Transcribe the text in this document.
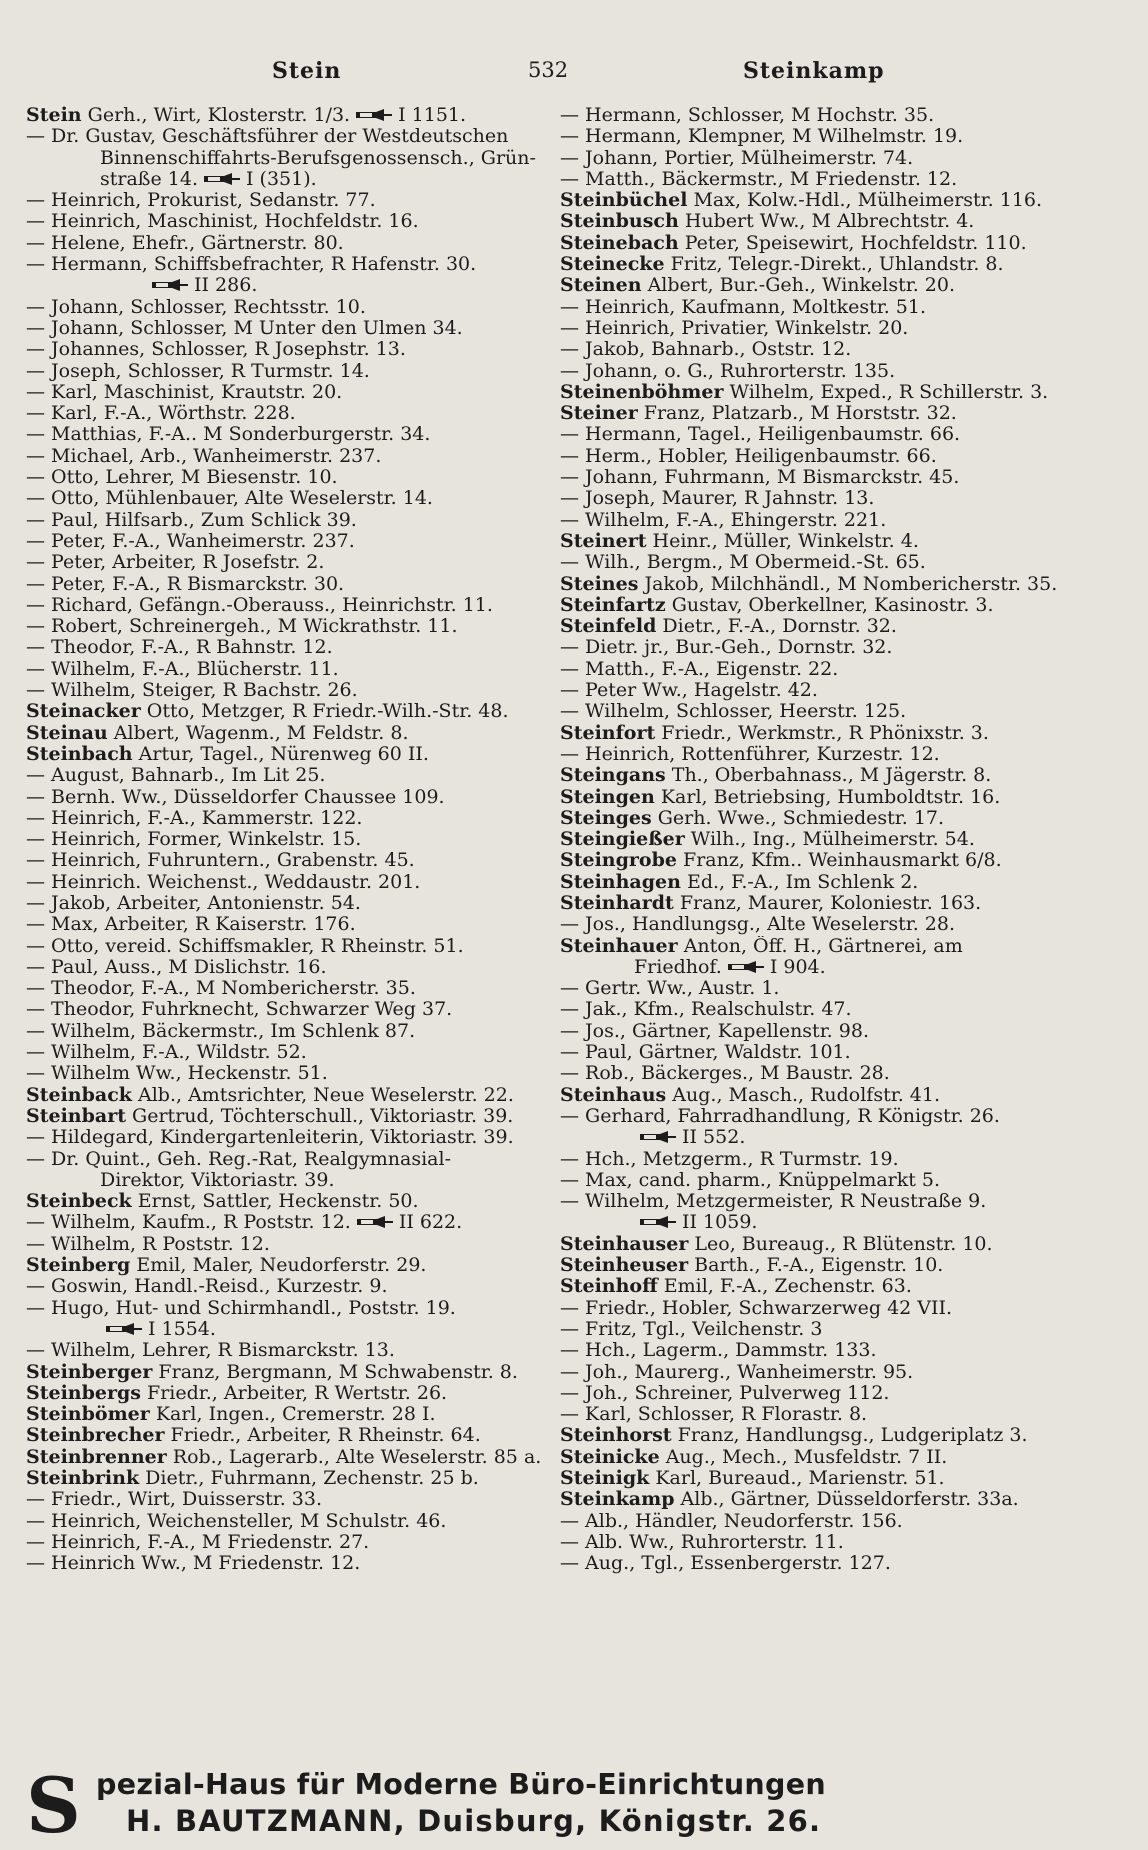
Stein	532	Steinkamp
Stein Gerh., Wirt, Klosterstr. 1/3.	I 1151.
— Dr. Gustav, Geschäftsführer der Westdeutschen
Binnenschiffahrts-Berufsgenossensch., Grün-
straße 14.	I (351).
— Heinrich, Prokurist, Sedanstr. 77.
— Heinrich, Maschinist, Hochfeldstr. 16.
— Helene, Ehefr., Gärtnerstr. 80.
— Hermann, Schiffsbefrachter, R Hafenstr. 30.
II 286.
— Johann, Schlosser, Rechtsstr. 10.
— Johann, Schlosser, M Unter den Ulmen 34.
— Johannes, Schlosser, R Josephstr. 13.
— Joseph, Schlosser, R Turmstr. 14.
— Karl, Maschinist, Krautstr. 20.
— Karl, F.-A., Wörthstr. 228.
— Matthias, F.-A.. M Sonderburgerstr. 34.
— Michael, Arb., Wanheimerstr. 237.
— Otto, Lehrer, M Biesenstr. 10.
— Otto, Mühlenbauer, Alte Weselerstr. 14.
— Paul, Hilfsarb., Zum Schlick 39.
— Peter, F.-A., Wanheimerstr. 237.
— Peter, Arbeiter, R Josefstr. 2.
— Peter, F.-A., R Bismarckstr. 30.
— Richard, Gefängn.-Oberauss., Heinrichstr. 11.
— Robert, Schreinergeh., M Wickrathstr. 11.
— Theodor, F.-A., R Bahnstr. 12.
— Wilhelm, F.-A., Blücherstr. 11.
— Wilhelm, Steiger, R Bachstr. 26.
Steinacker Otto, Metzger, R Friedr.-Wilh.-Str. 48.
Steinau Albert, Wagenm., M Feldstr. 8.
Steinbach Artur, Tagel., Nürenweg 60 II.
— August, Bahnarb., Im Lit 25.
— Bernh. Ww., Düsseldorfer Chaussee 109.
— Heinrich, F.-A., Kammerstr. 122.
— Heinrich, Former, Winkelstr. 15.
— Heinrich, Fuhruntern., Grabenstr. 45.
— Heinrich. Weichenst., Weddaustr. 201.
— Jakob, Arbeiter, Antonienstr. 54.
— Max, Arbeiter, R Kaiserstr. 176.
— Otto, vereid. Schiffsmakler, R Rheinstr. 51.
— Paul, Auss., M Dislichstr. 16.
— Theodor, F.-A., M Nombericherstr. 35.
— Theodor, Fuhrknecht, Schwarzer Weg 37.
— Wilhelm, Bäckermstr., Im Schlenk 87.
— Wilhelm, F.-A., Wildstr. 52.
— Wilhelm Ww., Heckenstr. 51.
Steinback Alb., Amtsrichter, Neue Weselerstr. 22.
Steinbart Gertrud, Töchterschull., Viktoriastr. 39.
— Hildegard, Kindergartenleiterin, Viktoriastr. 39.
— Dr. Quint., Geh. Reg.-Rat, Realgymnasial-
Direktor, Viktoriastr. 39.
Steinbeck Ernst, Sattler, Heckenstr. 50.
— Wilhelm, Kaufm., R Poststr. 12.	II 622.
— Wilhelm, R Poststr. 12.
Steinberg Emil, Maler, Neudorferstr. 29.
— Goswin, Handl.-Reisd., Kurzestr. 9.
— Hugo, Hut- und Schirmhandl., Poststr. 19.
I 1554.
— Wilhelm, Lehrer, R Bismarckstr. 13.
Steinberger Franz, Bergmann, M Schwabenstr. 8.
Steinbergs Friedr., Arbeiter, R Wertstr. 26.
Steinbömer Karl, Ingen., Cremerstr. 28 I.
Steinbrecher Friedr., Arbeiter, R Rheinstr. 64.
Steinbrenner Rob., Lagerarb., Alte Weselerstr. 85 a.
Steinbrink Dietr., Fuhrmann, Zechenstr. 25 b.
— Friedr., Wirt, Duisserstr. 33.
— Heinrich, Weichensteller, M Schulstr. 46.
— Heinrich, F.-A., M Friedenstr. 27.
— Heinrich Ww., M Friedenstr. 12.
— Hermann, Schlosser, M Hochstr. 35.
— Hermann, Klempner, M Wilhelmstr. 19.
— Johann, Portier, Mülheimerstr. 74.
— Matth., Bäckermstr., M Friedenstr. 12.
Steinbüchel Max, Kolw.-Hdl., Mülheimerstr. 116.
Steinbusch Hubert Ww., M Albrechtstr. 4.
Steinebach Peter, Speisewirt, Hochfeldstr. 110.
Steinecke Fritz, Telegr.-Direkt., Uhlandstr. 8.
Steinen Albert, Bur.-Geh., Winkelstr. 20.
— Heinrich, Kaufmann, Moltkestr. 51.
— Heinrich, Privatier, Winkelstr. 20.
— Jakob, Bahnarb., Oststr. 12.
— Johann, o. G., Ruhrorterstr. 135.
Steinenböhmer Wilhelm, Exped., R Schillerstr. 3.
Steiner Franz, Platzarb., M Horststr. 32.
— Hermann, Tagel., Heiligenbaumstr. 66.
— Herm., Hobler, Heiligenbaumstr. 66.
— Johann, Fuhrmann, M Bismarckstr. 45.
— Joseph, Maurer, R Jahnstr. 13.
— Wilhelm, F.-A., Ehingerstr. 221.
Steinert Heinr., Müller, Winkelstr. 4.
— Wilh., Bergm., M Obermeid.-St. 65.
Steines Jakob, Milchhändl., M Nombericherstr. 35.
Steinfartz Gustav, Oberkellner, Kasinostr. 3.
Steinfeld Dietr., F.-A., Dornstr. 32.
— Dietr. jr., Bur.-Geh., Dornstr. 32.
— Matth., F.-A., Eigenstr. 22.
— Peter Ww., Hagelstr. 42.
— Wilhelm, Schlosser, Heerstr. 125.
Steinfort Friedr., Werkmstr., R Phönixstr. 3.
— Heinrich, Rottenführer, Kurzestr. 12.
Steingans Th., Oberbahnass., M Jägerstr. 8.
Steingen Karl, Betriebsing, Humboldtstr. 16.
Steinges Gerh. Wwe., Schmiedestr. 17.
Steingießer Wilh., Ing., Mülheimerstr. 54.
Steingrobe Franz, Kfm.. Weinhausmarkt 6/8.
Steinhagen Ed., F.-A., Im Schlenk 2.
Steinhardt Franz, Maurer, Koloniestr. 163.
— Jos., Handlungsg., Alte Weselerstr. 28.
Steinhauer Anton, Öff. H., Gärtnerei, am
Friedhof.	I 904.
— Gertr. Ww., Austr. 1.
— Jak., Kfm., Realschulstr. 47.
— Jos., Gärtner, Kapellenstr. 98.
— Paul, Gärtner, Waldstr. 101.
— Rob., Bäckerges., M Baustr. 28.
Steinhaus Aug., Masch., Rudolfstr. 41.
— Gerhard, Fahrradhandlung, R Königstr. 26.
II 552.
— Hch., Metzgerm., R Turmstr. 19.
— Max, cand. pharm., Knüppelmarkt 5.
— Wilhelm, Metzgermeister, R Neustraße 9.
II 1059.
Steinhauser Leo, Bureaug., R Blütenstr. 10.
Steinheuser Barth., F.-A., Eigenstr. 10.
Steinhoff Emil, F.-A., Zechenstr. 63.
— Friedr., Hobler, Schwarzerweg 42 VII.
— Fritz, Tgl., Veilchenstr. 3
— Hch., Lagerm., Dammstr. 133.
— Joh., Maurerg., Wanheimerstr. 95.
— Joh., Schreiner, Pulverweg 112.
— Karl, Schlosser, R Florastr. 8.
Steinhorst Franz, Handlungsg., Ludgeriplatz 3.
Steinicke Aug., Mech., Musfeldstr. 7 II.
Steinigk Karl, Bureaud., Marienstr. 51.
Steinkamp Alb., Gärtner, Düsseldorferstr. 33a.
— Alb., Händler, Neudorferstr. 156.
— Alb. Ww., Ruhrorterstr. 11.
— Aug., Tgl., Essenbergerstr. 127.
S pezial-Haus für Moderne Büro-Einrichtungen
H. BAUTZMANN, Duisburg, Königstr. 26.
